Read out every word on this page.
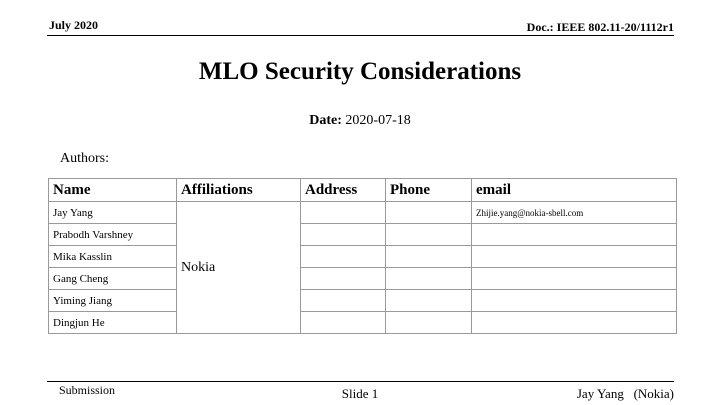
July 2020	Doc.: IEEE 802.11-20/1112r1
MLO Security Considerations
Date: 2020-07-18
Authors:
Name	Affiliations	Address	Phone	email
Jay Yang	Nokia			Zhijie.yang@nokia-sbell.com
Prabodh Varshney				
Mika Kasslin				
Gang Cheng				
Yiming Jiang				
Dingjun He				
Submission	Slide 1	Jay Yang   (Nokia)
